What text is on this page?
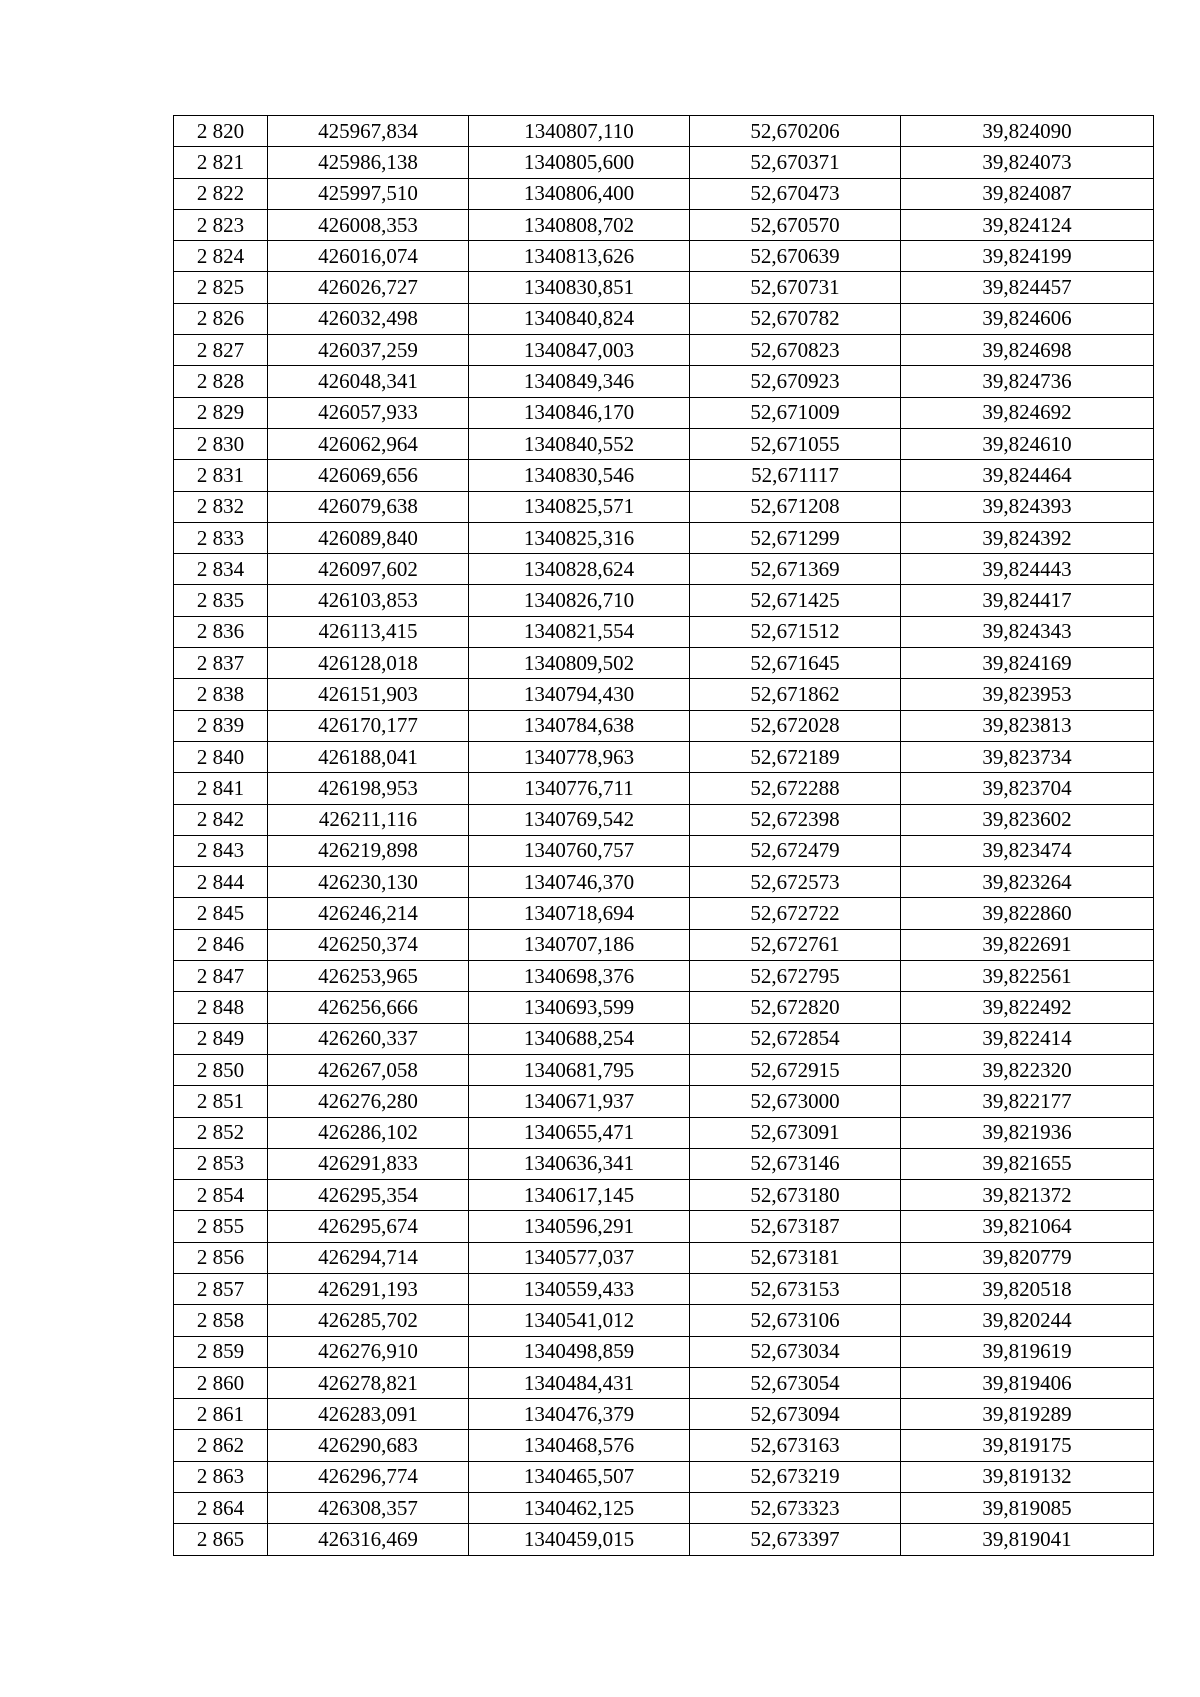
2 820	425967,834	1340807,110	52,670206	39,824090
2 821	425986,138	1340805,600	52,670371	39,824073
2 822	425997,510	1340806,400	52,670473	39,824087
2 823	426008,353	1340808,702	52,670570	39,824124
2 824	426016,074	1340813,626	52,670639	39,824199
2 825	426026,727	1340830,851	52,670731	39,824457
2 826	426032,498	1340840,824	52,670782	39,824606
2 827	426037,259	1340847,003	52,670823	39,824698
2 828	426048,341	1340849,346	52,670923	39,824736
2 829	426057,933	1340846,170	52,671009	39,824692
2 830	426062,964	1340840,552	52,671055	39,824610
2 831	426069,656	1340830,546	52,671117	39,824464
2 832	426079,638	1340825,571	52,671208	39,824393
2 833	426089,840	1340825,316	52,671299	39,824392
2 834	426097,602	1340828,624	52,671369	39,824443
2 835	426103,853	1340826,710	52,671425	39,824417
2 836	426113,415	1340821,554	52,671512	39,824343
2 837	426128,018	1340809,502	52,671645	39,824169
2 838	426151,903	1340794,430	52,671862	39,823953
2 839	426170,177	1340784,638	52,672028	39,823813
2 840	426188,041	1340778,963	52,672189	39,823734
2 841	426198,953	1340776,711	52,672288	39,823704
2 842	426211,116	1340769,542	52,672398	39,823602
2 843	426219,898	1340760,757	52,672479	39,823474
2 844	426230,130	1340746,370	52,672573	39,823264
2 845	426246,214	1340718,694	52,672722	39,822860
2 846	426250,374	1340707,186	52,672761	39,822691
2 847	426253,965	1340698,376	52,672795	39,822561
2 848	426256,666	1340693,599	52,672820	39,822492
2 849	426260,337	1340688,254	52,672854	39,822414
2 850	426267,058	1340681,795	52,672915	39,822320
2 851	426276,280	1340671,937	52,673000	39,822177
2 852	426286,102	1340655,471	52,673091	39,821936
2 853	426291,833	1340636,341	52,673146	39,821655
2 854	426295,354	1340617,145	52,673180	39,821372
2 855	426295,674	1340596,291	52,673187	39,821064
2 856	426294,714	1340577,037	52,673181	39,820779
2 857	426291,193	1340559,433	52,673153	39,820518
2 858	426285,702	1340541,012	52,673106	39,820244
2 859	426276,910	1340498,859	52,673034	39,819619
2 860	426278,821	1340484,431	52,673054	39,819406
2 861	426283,091	1340476,379	52,673094	39,819289
2 862	426290,683	1340468,576	52,673163	39,819175
2 863	426296,774	1340465,507	52,673219	39,819132
2 864	426308,357	1340462,125	52,673323	39,819085
2 865	426316,469	1340459,015	52,673397	39,819041
